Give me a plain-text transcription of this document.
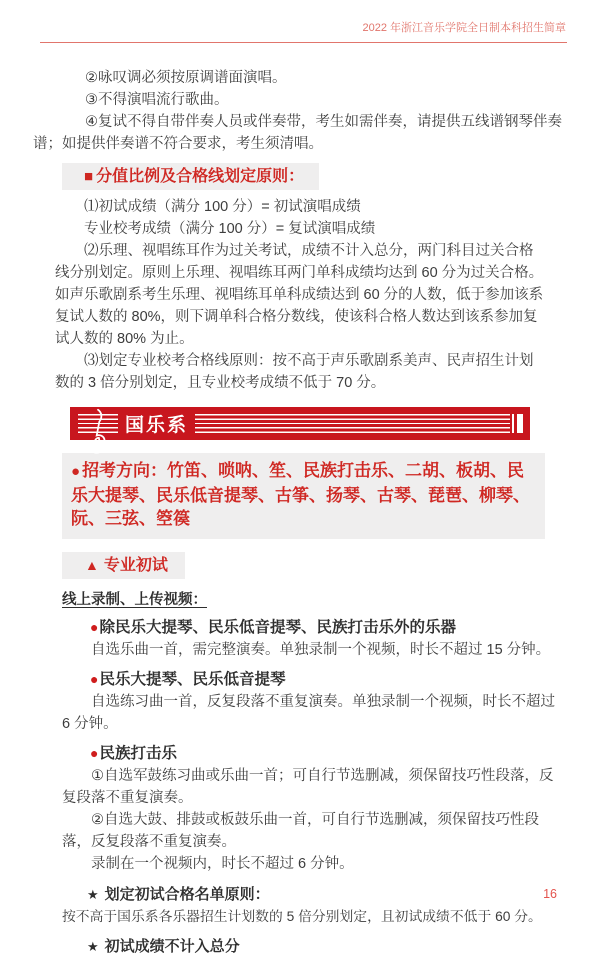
2022 年浙江音乐学院全日制本科招生简章

②咏叹调必须按原调谱面演唱。

③不得演唱流行歌曲。

④复试不得自带伴奏人员或伴奏带，考生如需伴奏，请提供五线谱钢琴伴奏谱；如提供伴奏谱不符合要求，考生须清唱。

■ 分值比例及合格线划定原则：

⑴初试成绩（满分 100 分）= 初试演唱成绩

专业校考成绩（满分 100 分）= 复试演唱成绩

⑵乐理、视唱练耳作为过关考试，成绩不计入总分，两门科目过关合格线分别划定。原则上乐理、视唱练耳两门单科成绩均达到 60 分为过关合格。如声乐歌剧系考生乐理、视唱练耳单科成绩达到 60 分的人数，低于参加该系复试人数的 80%，则下调单科合格分数线，使该科合格人数达到该系参加复试人数的 80% 为止。

⑶划定专业校考合格线原则：按不高于声乐歌剧系美声、民声招生计划数的 3 倍分别划定，且专业校考成绩不低于 70 分。

国乐系
● 招考方向：竹笛、唢呐、笙、民族打击乐、二胡、板胡、民乐大提琴、民乐低音提琴、古筝、扬琴、古琴、琵琶、柳琴、阮、三弦、箜篌
▲ 专业初试

线上录制、上传视频：

●除民乐大提琴、民乐低音提琴、民族打击乐外的乐器

自选乐曲一首，需完整演奏。单独录制一个视频，时长不超过 15 分钟。

●民乐大提琴、民乐低音提琴

自选练习曲一首，反复段落不重复演奏。单独录制一个视频，时长不超过 6 分钟。

●民族打击乐

①自选军鼓练习曲或乐曲一首；可自行节选删减，须保留技巧性段落，反复段落不重复演奏。

②自选大鼓、排鼓或板鼓乐曲一首，可自行节选删减，须保留技巧性段落，反复段落不重复演奏。

录制在一个视频内，时长不超过 6 分钟。

★ 划定初试合格名单原则：

按不高于国乐系各乐器招生计划数的 5 倍分别划定，且初试成绩不低于 60 分。

★ 初试成绩不计入总分

16
